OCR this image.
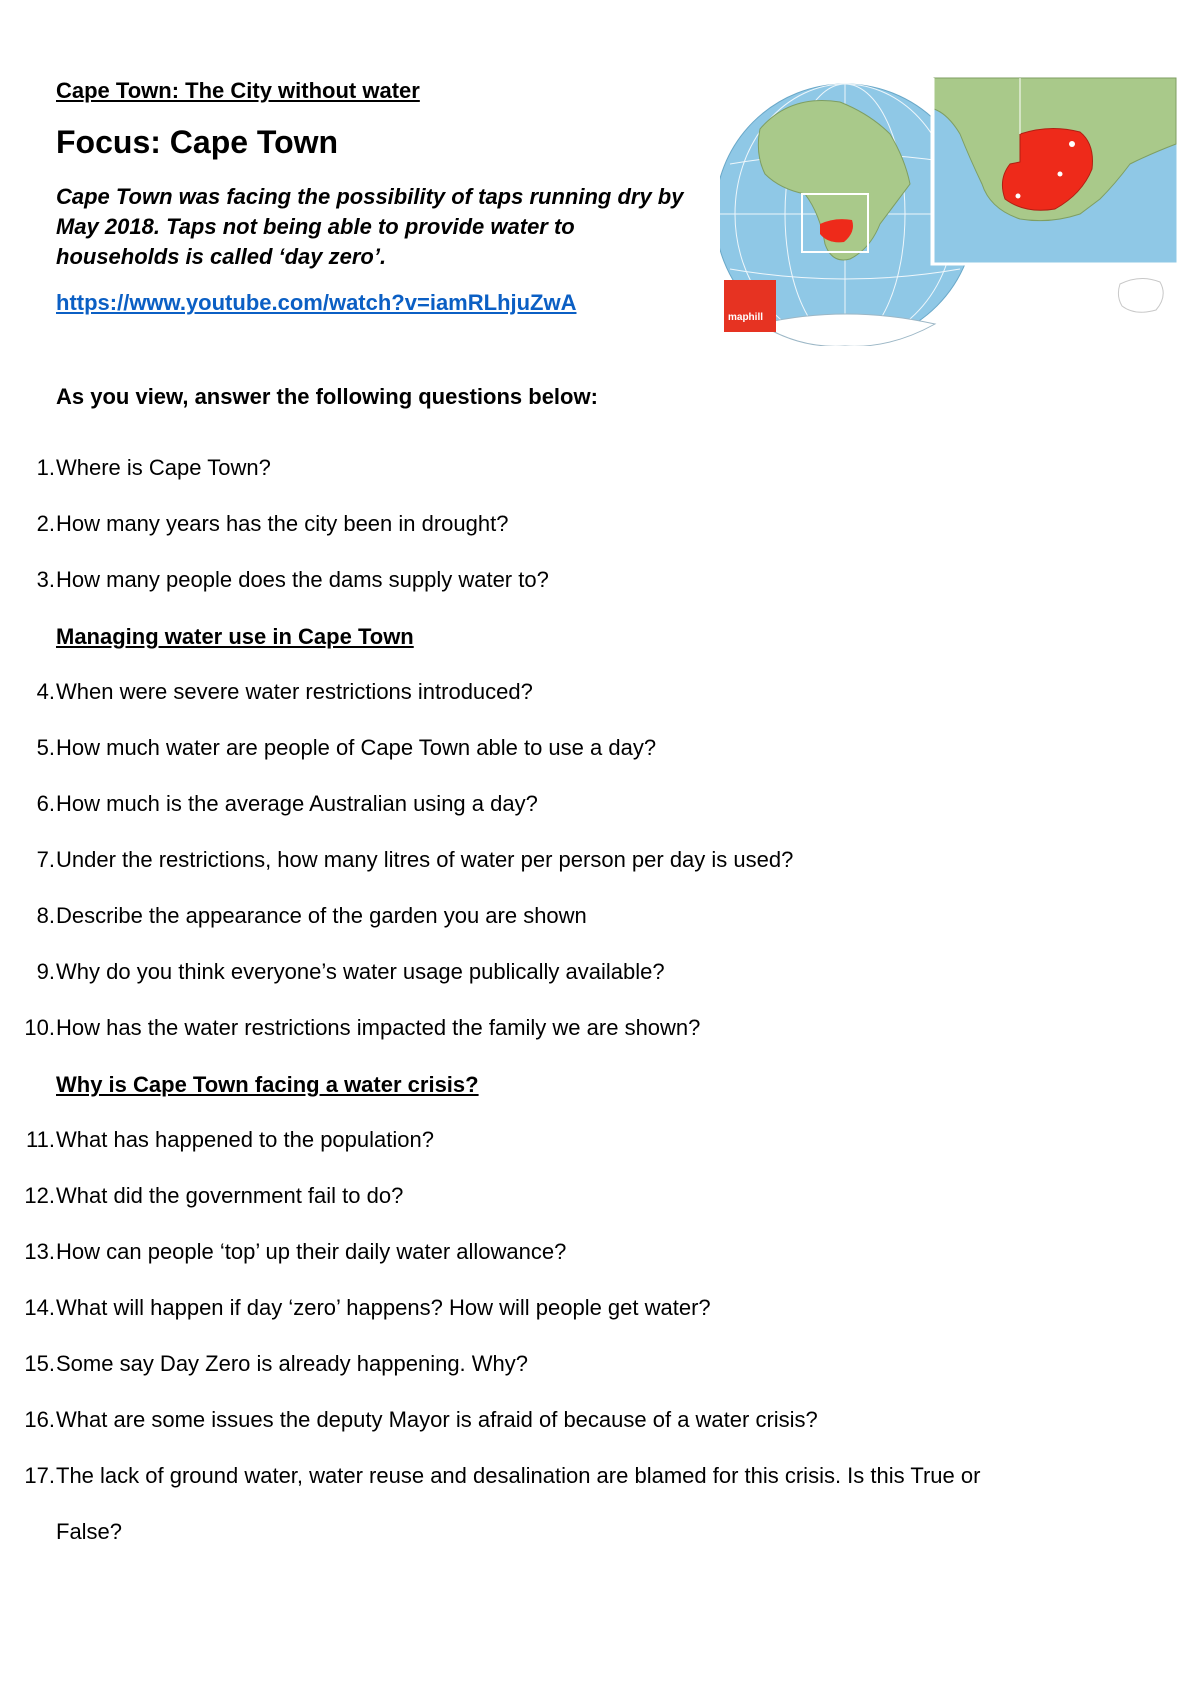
Cape Town: The City without water
Focus: Cape Town
Cape Town was facing the possibility of taps running dry by May 2018. Taps not being able to provide water to households is called ‘day zero’.
https://www.youtube.com/watch?v=iamRLhjuZwA
maphill
As you view, answer the following questions below:
1. Where is Cape Town?
2. How many years has the city been in drought?
3. How many people does the dams supply water to?
Managing water use in Cape Town
4. When were severe water restrictions introduced?
5. How much water are people of Cape Town able to use a day?
6. How much is the average Australian using a day?
7. Under the restrictions, how many litres of water per person per day is used?
8. Describe the appearance of the garden you are shown
9. Why do you think everyone’s water usage publically available?
10. How has the water restrictions impacted the family we are shown?
Why is Cape Town facing a water crisis?
11. What has happened to the population?
12. What did the government fail to do?
13. How can people ‘top’ up their daily water allowance?
14. What will happen if day ‘zero’ happens? How will people get water?
15. Some say Day Zero is already happening. Why?
16. What are some issues the deputy Mayor is afraid of because of a water crisis?
17. The lack of ground water, water reuse and desalination are blamed for this crisis. Is this True or
False?
